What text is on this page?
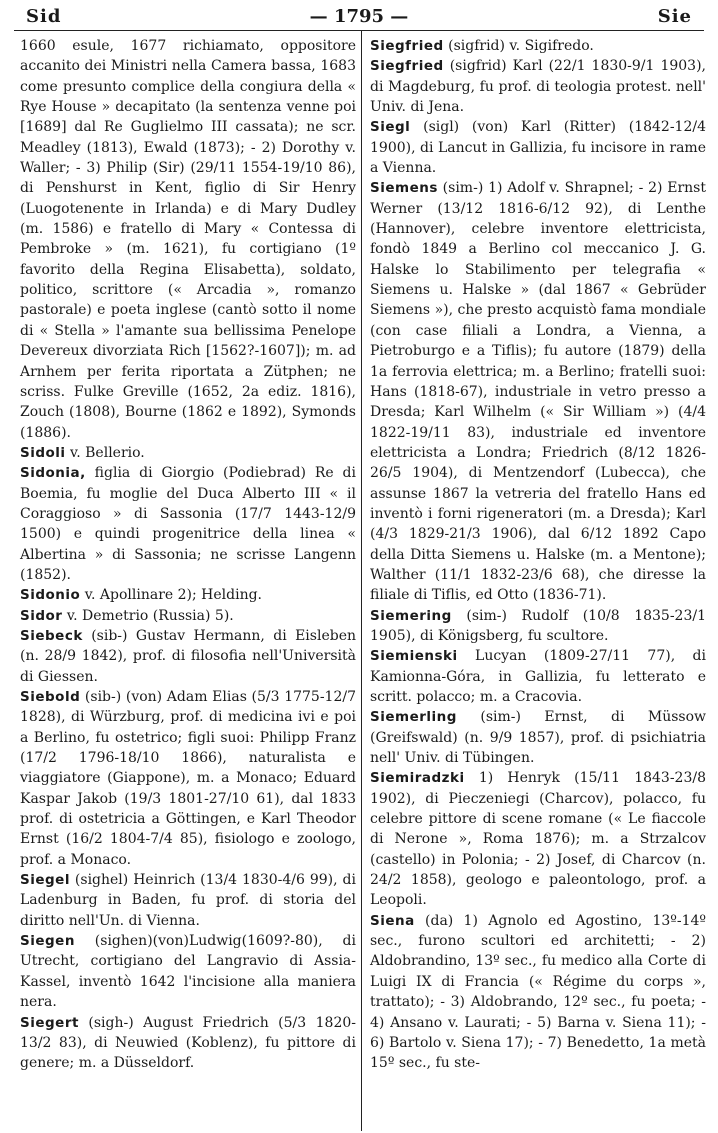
Sid	— 1795 —	Sie

1660 esule, 1677 richiamato, oppositore accanito dei Ministri nella Camera bassa, 1683 come presunto complice della congiura della « Rye House » decapitato (la sentenza venne poi [1689] dal Re Guglielmo III cassata); ne scr. Meadley (1813), Ewald (1873); - 2) Dorothy v. Waller; - 3) Philip (Sir) (29/11 1554-19/10 86), di Penshurst in Kent, figlio di Sir Henry (Luogotenente in Irlanda) e di Mary Dudley (m. 1586) e fratello di Mary « Contessa di Pembroke » (m. 1621), fu cortigiano (1º favorito della Regina Elisabetta), soldato, politico, scrittore (« Arcadia », romanzo pastorale) e poeta inglese (cantò sotto il nome di « Stella » l'amante sua bellissima Penelope Devereux divorziata Rich [1562?-1607]); m. ad Arnhem per ferita riportata a Zütphen; ne scriss. Fulke Greville (1652, 2a ediz. 1816), Zouch (1808), Bourne (1862 e 1892), Symonds (1886).

Sidoli v. Bellerio.

Sidonia, figlia di Giorgio (Podiebrad) Re di Boemia, fu moglie del Duca Alberto III « il Coraggioso » di Sassonia (17/7 1443-12/9 1500) e quindi progenitrice della linea « Albertina » di Sassonia; ne scrisse Langenn (1852).

Sidonio v. Apollinare 2); Helding.

Sidor v. Demetrio (Russia) 5).

Siebeck (sib-) Gustav Hermann, di Eisleben (n. 28/9 1842), prof. di filosofia nell'Università di Giessen.

Siebold (sib-) (von) Adam Elias (5/3 1775-12/7 1828), di Würzburg, prof. di medicina ivi e poi a Berlino, fu ostetrico; figli suoi: Philipp Franz (17/2 1796-18/10 1866), naturalista e viaggiatore (Giappone), m. a Monaco; Eduard Kaspar Jakob (19/3 1801-27/10 61), dal 1833 prof. di ostetricia a Göttingen, e Karl Theodor Ernst (16/2 1804-7/4 85), fisiologo e zoologo, prof. a Monaco.

Siegel (sighel) Heinrich (13/4 1830-4/6 99), di Ladenburg in Baden, fu prof. di storia del diritto nell'Un. di Vienna.

Siegen (sighen)(von)Ludwig(1609?-80), di Utrecht, cortigiano del Langravio di Assia-Kassel, inventò 1642 l'incisione alla maniera nera.

Siegert (sigh-) August Friedrich (5/3 1820-13/2 83), di Neuwied (Koblenz), fu pittore di genere; m. a Düsseldorf.

Siegfried (sigfrid) v. Sigifredo.

Siegfried (sigfrid) Karl (22/1 1830-9/1 1903), di Magdeburg, fu prof. di teologia protest. nell' Univ. di Jena.

Siegl (sigl) (von) Karl (Ritter) (1842-12/4 1900), di Lancut in Gallizia, fu incisore in rame a Vienna.

Siemens (sim-) 1) Adolf v. Shrapnel; - 2) Ernst Werner (13/12 1816-6/12 92), di Lenthe (Hannover), celebre inventore elettricista, fondò 1849 a Berlino col meccanico J. G. Halske lo Stabilimento per telegrafia « Siemens u. Halske » (dal 1867 « Gebrüder Siemens »), che presto acquistò fama mondiale (con case filiali a Londra, a Vienna, a Pietroburgo e a Tiflis); fu autore (1879) della 1a ferrovia elettrica; m. a Berlino; fratelli suoi: Hans (1818-67), industriale in vetro presso a Dresda; Karl Wilhelm (« Sir William ») (4/4 1822-19/11 83), industriale ed inventore elettricista a Londra; Friedrich (8/12 1826-26/5 1904), di Mentzendorf (Lubecca), che assunse 1867 la vetreria del fratello Hans ed inventò i forni rigeneratori (m. a Dresda); Karl (4/3 1829-21/3 1906), dal 6/12 1892 Capo della Ditta Siemens u. Halske (m. a Mentone); Walther (11/1 1832-23/6 68), che diresse la filiale di Tiflis, ed Otto (1836-71).

Siemering (sim-) Rudolf (10/8 1835-23/1 1905), di Königsberg, fu scultore.

Siemienski Lucyan (1809-27/11 77), di Kamionna-Góra, in Gallizia, fu letterato e scritt. polacco; m. a Cracovia.

Siemerling (sim-) Ernst, di Müssow (Greifswald) (n. 9/9 1857), prof. di psichiatria nell' Univ. di Tübingen.

Siemiradzki 1) Henryk (15/11 1843-23/8 1902), di Pieczeniegi (Charcov), polacco, fu celebre pittore di scene romane (« Le fiaccole di Nerone », Roma 1876); m. a Strzalcov (castello) in Polonia; - 2) Josef, di Charcov (n. 24/2 1858), geologo e paleontologo, prof. a Leopoli.

Siena (da) 1) Agnolo ed Agostino, 13º-14º sec., furono scultori ed architetti; - 2) Aldobrandino, 13º sec., fu medico alla Corte di Luigi IX di Francia (« Régime du corps », trattato); - 3) Aldobrando, 12º sec., fu poeta; - 4) Ansano v. Laurati; - 5) Barna v. Siena 11); - 6) Bartolo v. Siena 17); - 7) Benedetto, 1a metà 15º sec., fu ste-
